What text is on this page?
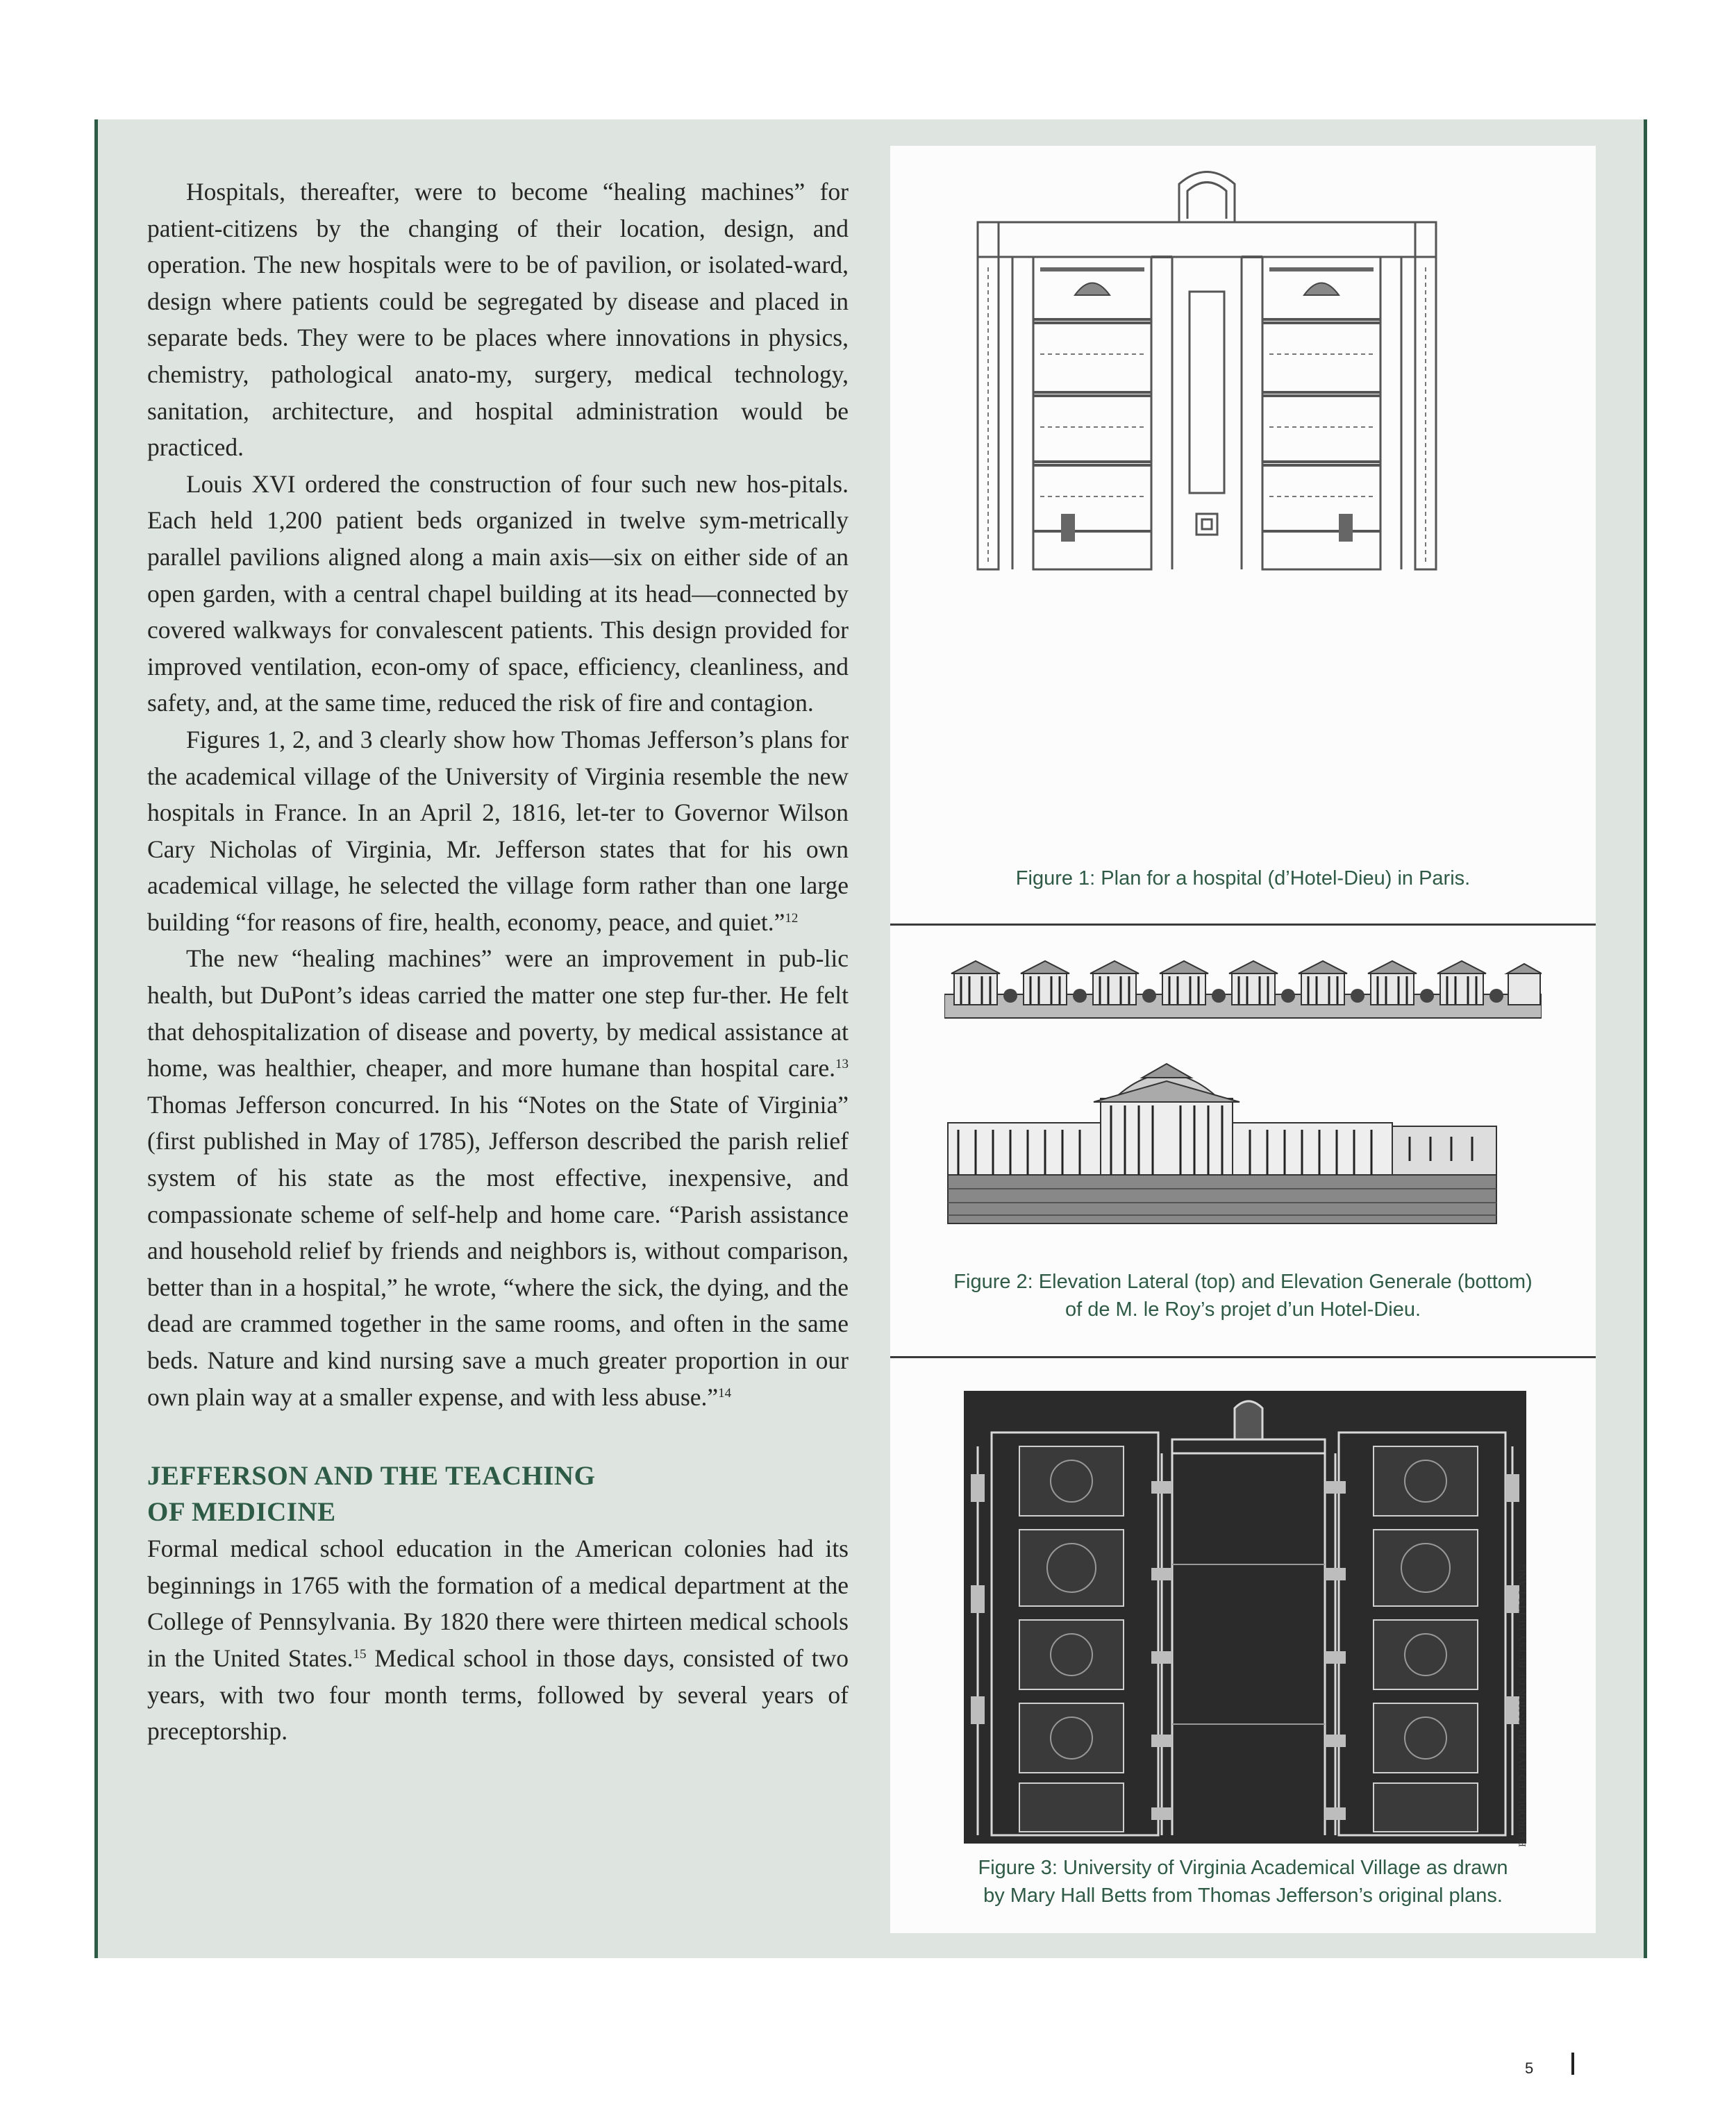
Hospitals, thereafter, were to become “healing machines” for patient-citizens by the changing of their location, design, and operation. The new hospitals were to be of pavilion, or isolated-ward, design where patients could be segregated by disease and placed in separate beds. They were to be places where innovations in physics, chemistry, pathological anato-my, surgery, medical technology, sanitation, architecture, and hospital administration would be practiced.

Louis XVI ordered the construction of four such new hos-pitals. Each held 1,200 patient beds organized in twelve sym-metrically parallel pavilions aligned along a main axis—six on either side of an open garden, with a central chapel building at its head—connected by covered walkways for convalescent patients. This design provided for improved ventilation, econ-omy of space, efficiency, cleanliness, and safety, and, at the same time, reduced the risk of fire and contagion.

Figures 1, 2, and 3 clearly show how Thomas Jefferson’s plans for the academical village of the University of Virginia resemble the new hospitals in France. In an April 2, 1816, let-ter to Governor Wilson Cary Nicholas of Virginia, Mr. Jefferson states that for his own academical village, he selected the village form rather than one large building “for reasons of fire, health, economy, peace, and quiet.”$^{12}$

The new “healing machines” were an improvement in pub-lic health, but DuPont’s ideas carried the matter one step fur-ther. He felt that dehospitalization of disease and poverty, by medical assistance at home, was healthier, cheaper, and more humane than hospital care.$^{13}$ Thomas Jefferson concurred. In his “Notes on the State of Virginia” (first published in May of 1785), Jefferson described the parish relief system of his state as the most effective, inexpensive, and compassionate scheme of self-help and home care. “Parish assistance and household relief by friends and neighbors is, without comparison, better than in a hospital,” he wrote, “where the sick, the dying, and the dead are crammed together in the same rooms, and often in the same beds. Nature and kind nursing save a much greater proportion in our own plain way at a smaller expense, and with less abuse.”$^{14}$

JEFFERSON AND THE TEACHING
OF MEDICINE

Formal medical school education in the American colonies had its beginnings in 1765 with the formation of a medical department at the College of Pennsylvania. By 1820 there were thirteen medical schools in the United States.$^{15}$ Medical school in those days, consisted of two years, with two four month terms, followed by several years of preceptorship.

Figure 1: Plan for a hospital (d’Hotel-Dieu) in Paris.
Figure 2: Elevation Lateral (top) and Elevation Generale (bottom)
of de M. le Roy’s projet d’un Hotel-Dieu.
REPRODUCED BY PERMISSION OF BETSY BETTS LANG
Figure 3: University of Virginia Academical Village as drawn
by Mary Hall Betts from Thomas Jefferson’s original plans.
5
